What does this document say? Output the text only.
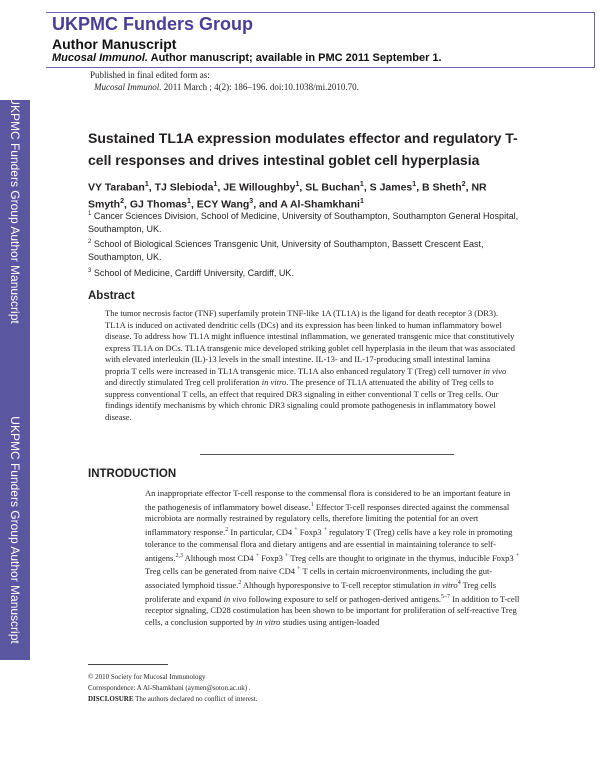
UKPMC Funders Group
Author Manuscript
Mucosal Immunol. Author manuscript; available in PMC 2011 September 1.
Published in final edited form as:
Mucosal Immunol. 2011 March ; 4(2): 186–196. doi:10.1038/mi.2010.70.
UKPMC Funders Group Author Manuscript
UKPMC Funders Group Author Manuscript
Sustained TL1A expression modulates effector and regulatory T-cell responses and drives intestinal goblet cell hyperplasia
VY Taraban$^1$, TJ Slebioda$^1$, JE Willoughby$^1$, SL Buchan$^1$, S James$^1$, B Sheth$^2$, NR Smyth$^2$, GJ Thomas$^1$, ECY Wang$^3$, and A Al-Shamkhani$^1$
$^1$ Cancer Sciences Division, School of Medicine, University of Southampton, Southampton General Hospital, Southampton, UK.
$^2$ School of Biological Sciences Transgenic Unit, University of Southampton, Bassett Crescent East, Southampton, UK.
$^3$ School of Medicine, Cardiff University, Cardiff, UK.
Abstract
The tumor necrosis factor (TNF) superfamily protein TNF-like 1A (TL1A) is the ligand for death receptor 3 (DR3). TL1A is induced on activated dendritic cells (DCs) and its expression has been linked to human inflammatory bowel disease. To address how TL1A might influence intestinal inflammation, we generated transgenic mice that constitutively express TL1A on DCs. TL1A transgenic mice developed striking goblet cell hyperplasia in the ileum that was associated with elevated interleukin (IL)-13 levels in the small intestine. IL-13- and IL-17-producing small intestinal lamina propria T cells were increased in TL1A transgenic mice. TL1A also enhanced regulatory T (Treg) cell turnover in vivo and directly stimulated Treg cell proliferation in vitro. The presence of TL1A attenuated the ability of Treg cells to suppress conventional T cells, an effect that required DR3 signaling in either conventional T cells or Treg cells. Our findings identify mechanisms by which chronic DR3 signaling could promote pathogenesis in inflammatory bowel disease.
INTRODUCTION
An inappropriate effector T-cell response to the commensal flora is considered to be an important feature in the pathogenesis of inflammatory bowel disease.$^1$ Effector T-cell responses directed against the commensal microbiota are normally restrained by regulatory cells, therefore limiting the potential for an overt inflammatory response.$^2$ In particular, CD4 + Foxp3 + regulatory T (Treg) cells have a key role in promoting tolerance to the commensal flora and dietary antigens and are essential in maintaining tolerance to self-antigens.$^{2,3}$ Although most CD4 + Foxp3 + Treg cells are thought to originate in the thymus, inducible Foxp3 + Treg cells can be generated from naive CD4 + T cells in certain microenvironments, including the gut-associated lymphoid tissue.$^2$ Although hyporesponsive to T-cell receptor stimulation in vitro$^4$ Treg cells proliferate and expand in vivo following exposure to self or pathogen-derived antigens.$^{5-7}$ In addition to T-cell receptor signaling, CD28 costimulation has been shown to be important for proliferation of self-reactive Treg cells, a conclusion supported by in vitro studies using antigen-loaded
© 2010 Society for Mucosal Immunology
Correspondence: A Al-Shamkhani (aymen@soton.ac.uk) .
DISCLOSURE The authors declared no conflict of interest.
